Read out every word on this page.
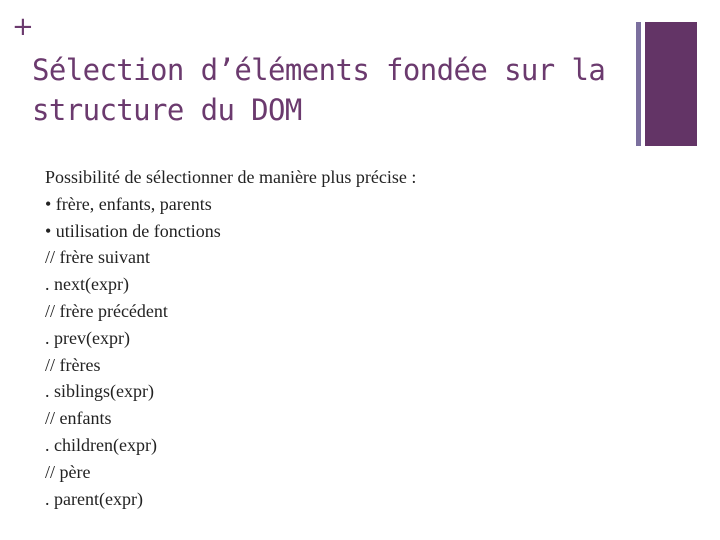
+
Sélection d’éléments fondée sur la
structure du DOM
Possibilité de sélectionner de manière plus précise :
• frère, enfants, parents
• utilisation de fonctions
// frère suivant
. next(expr)
// frère précédent
. prev(expr)
// frères
. siblings(expr)
// enfants
. children(expr)
// père
. parent(expr)
